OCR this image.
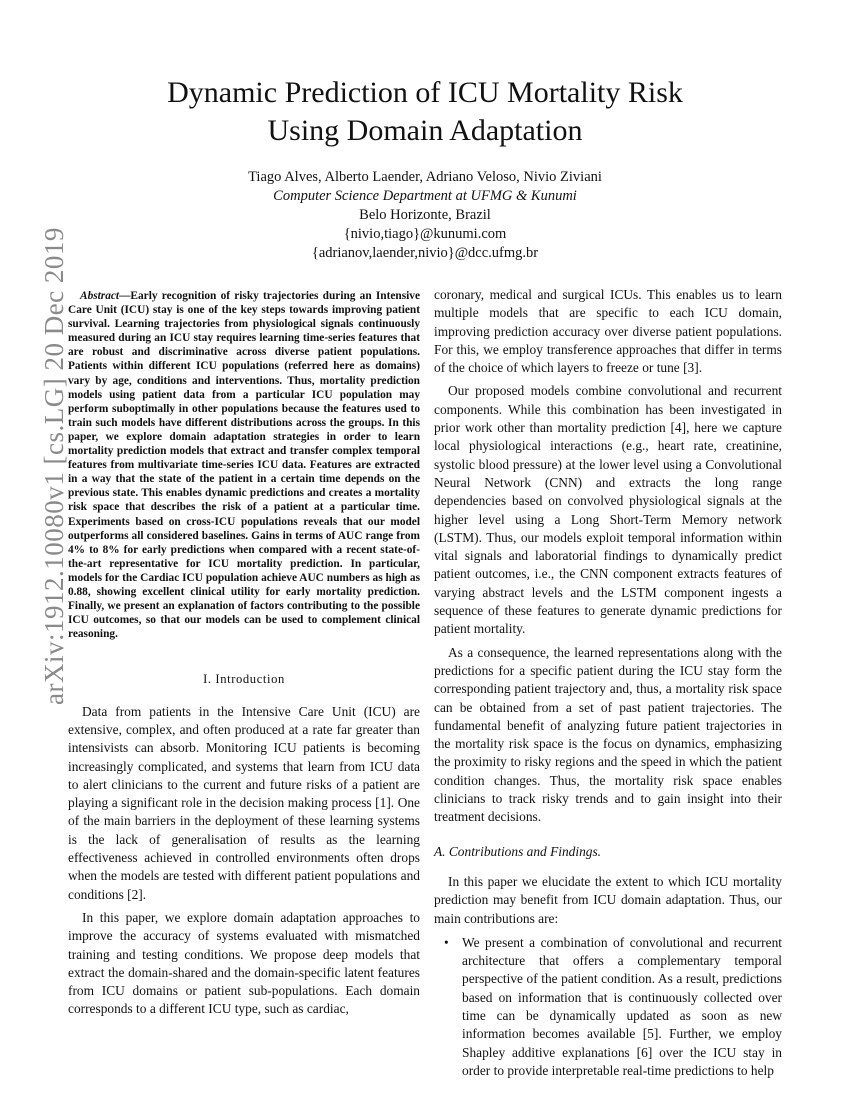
arXiv:1912.10080v1 [cs.LG] 20 Dec 2019
Dynamic Prediction of ICU Mortality Risk
Using Domain Adaptation
Tiago Alves, Alberto Laender, Adriano Veloso, Nivio Ziviani
Computer Science Department at UFMG & Kunumi
Belo Horizonte, Brazil
{nivio,tiago}@kunumi.com
{adrianov,laender,nivio}@dcc.ufmg.br

Abstract—Early recognition of risky trajectories during an Intensive Care Unit (ICU) stay is one of the key steps towards improving patient survival. Learning trajectories from physiological signals continuously measured during an ICU stay requires learning time-series features that are robust and discriminative across diverse patient populations. Patients within different ICU populations (referred here as domains) vary by age, conditions and interventions. Thus, mortality prediction models using patient data from a particular ICU population may perform suboptimally in other populations because the features used to train such models have different distributions across the groups. In this paper, we explore domain adaptation strategies in order to learn mortality prediction models that extract and transfer complex temporal features from multivariate time-series ICU data. Features are extracted in a way that the state of the patient in a certain time depends on the previous state. This enables dynamic predictions and creates a mortality risk space that describes the risk of a patient at a particular time. Experiments based on cross-ICU populations reveals that our model outperforms all considered baselines. Gains in terms of AUC range from 4% to 8% for early predictions when compared with a recent state-of-the-art representative for ICU mortality prediction. In particular, models for the Cardiac ICU population achieve AUC numbers as high as 0.88, showing excellent clinical utility for early mortality prediction. Finally, we present an explanation of factors contributing to the possible ICU outcomes, so that our models can be used to complement clinical reasoning.

I. Introduction

Data from patients in the Intensive Care Unit (ICU) are extensive, complex, and often produced at a rate far greater than intensivists can absorb. Monitoring ICU patients is becoming increasingly complicated, and systems that learn from ICU data to alert clinicians to the current and future risks of a patient are playing a significant role in the decision making process [1]. One of the main barriers in the deployment of these learning systems is the lack of generalisation of results as the learning effectiveness achieved in controlled environments often drops when the models are tested with different patient populations and conditions [2].

In this paper, we explore domain adaptation approaches to improve the accuracy of systems evaluated with mismatched training and testing conditions. We propose deep models that extract the domain-shared and the domain-specific latent features from ICU domains or patient sub-populations. Each domain corresponds to a different ICU type, such as cardiac,

coronary, medical and surgical ICUs. This enables us to learn multiple models that are specific to each ICU domain, improving prediction accuracy over diverse patient populations. For this, we employ transference approaches that differ in terms of the choice of which layers to freeze or tune [3].

Our proposed models combine convolutional and recurrent components. While this combination has been investigated in prior work other than mortality prediction [4], here we capture local physiological interactions (e.g., heart rate, creatinine, systolic blood pressure) at the lower level using a Convolutional Neural Network (CNN) and extracts the long range dependencies based on convolved physiological signals at the higher level using a Long Short-Term Memory network (LSTM). Thus, our models exploit temporal information within vital signals and laboratorial findings to dynamically predict patient outcomes, i.e., the CNN component extracts features of varying abstract levels and the LSTM component ingests a sequence of these features to generate dynamic predictions for patient mortality.

As a consequence, the learned representations along with the predictions for a specific patient during the ICU stay form the corresponding patient trajectory and, thus, a mortality risk space can be obtained from a set of past patient trajectories. The fundamental benefit of analyzing future patient trajectories in the mortality risk space is the focus on dynamics, emphasizing the proximity to risky regions and the speed in which the patient condition changes. Thus, the mortality risk space enables clinicians to track risky trends and to gain insight into their treatment decisions.

A. Contributions and Findings.

In this paper we elucidate the extent to which ICU mortality prediction may benefit from ICU domain adaptation. Thus, our main contributions are:

• We present a combination of convolutional and recurrent architecture that offers a complementary temporal perspective of the patient condition. As a result, predictions based on information that is continuously collected over time can be dynamically updated as soon as new information becomes available [5]. Further, we employ Shapley additive explanations [6] over the ICU stay in order to provide interpretable real-time predictions to help
